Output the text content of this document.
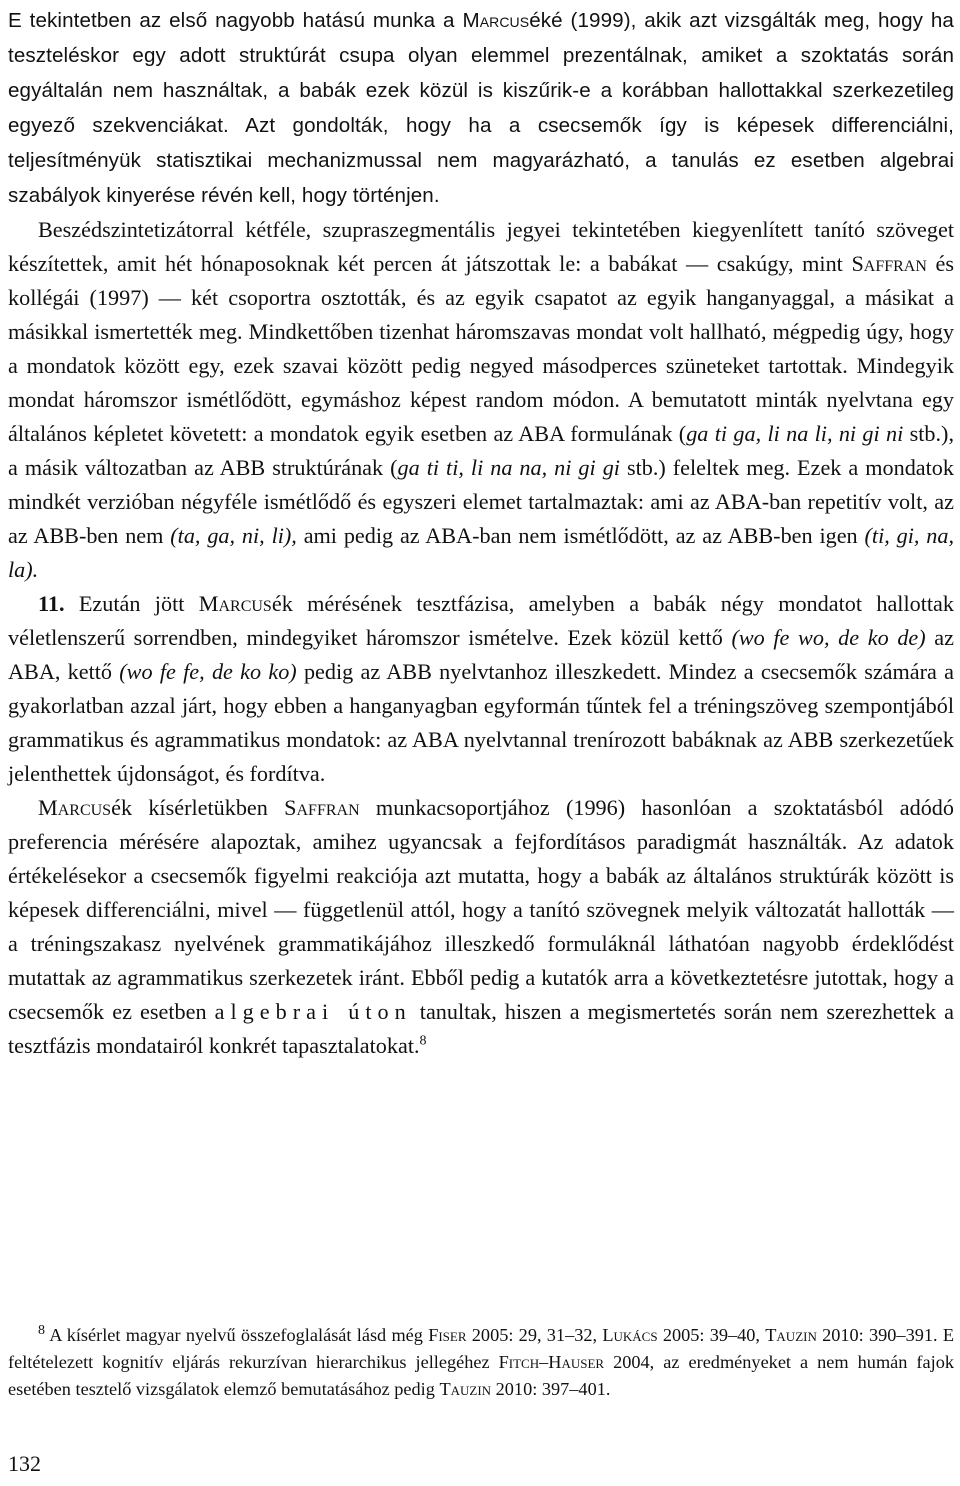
E tekintetben az első nagyobb hatású munka a Marcuséké (1999), akik azt vizsgálták meg, hogy ha teszteléskor egy adott struktúrát csupa olyan elemmel prezentálnak, amiket a szoktatás során egyáltalán nem használtak, a babák ezek közül is kiszűrik-e a korábban hallottakkal szerkezetileg egyező szekvenciákat. Azt gondolták, hogy ha a csecsemők így is képesek differenciálni, teljesítményük statisztikai mechanizmussal nem magyarázható, a tanulás ez esetben algebrai szabályok kinyerése révén kell, hogy történjen.

Beszédszintetizátorral kétféle, szupraszegmentális jegyei tekintetében kiegyenlített tanító szöveget készítettek, amit hét hónaposoknak két percen át játszottak le: a babákat — csakúgy, mint Saffran és kollégái (1997) — két csoportra osztották, és az egyik csapatot az egyik hanganyaggal, a másikat a másikkal ismertették meg. Mindkettőben tizenhat háromszavas mondat volt hallható, mégpedig úgy, hogy a mondatok között egy, ezek szavai között pedig negyed másodperces szüneteket tartottak. Mindegyik mondat háromszor ismétlődött, egymáshoz képest random módon. A bemutatott minták nyelvtana egy általános képletet követett: a mondatok egyik esetben az ABA formulának (ga ti ga, li na li, ni gi ni stb.), a másik változatban az ABB struktúrának (ga ti ti, li na na, ni gi gi stb.) feleltek meg. Ezek a mondatok mindkét verzióban négyféle ismétlődő és egyszeri elemet tartalmaztak: ami az ABA-ban repetitív volt, az az ABB-ben nem (ta, ga, ni, li), ami pedig az ABA-ban nem ismétlődött, az az ABB-ben igen (ti, gi, na, la).

11. Ezután jött Marcusék mérésének tesztfázisa, amelyben a babák négy mondatot hallottak véletlenszerű sorrendben, mindegyiket háromszor ismételve. Ezek közül kettő (wo fe wo, de ko de) az ABA, kettő (wo fe fe, de ko ko) pedig az ABB nyelvtanhoz illeszkedett. Mindez a csecsemők számára a gyakorlatban azzal járt, hogy ebben a hanganyagban egyformán tűntek fel a tréningszöveg szempontjából grammatikus és agrammatikus mondatok: az ABA nyelvtannal trenírozott babáknak az ABB szerkezetűek jelenthettek újdonságot, és fordítva.

Marcusék kísérletükben Saffran munkacsoportjához (1996) hasonlóan a szoktatásból adódó preferencia mérésére alapoztak, amihez ugyancsak a fejfordításos paradigmát használták. Az adatok értékelésekor a csecsemők figyelmi reakciója azt mutatta, hogy a babák az általános struktúrák között is képesek differenciálni, mivel — függetlenül attól, hogy a tanító szövegnek melyik változatát hallották — a tréningszakasz nyelvének grammatikájához illeszkedő formuláknál láthatóan nagyobb érdeklődést mutattak az agrammatikus szerkezetek iránt. Ebből pedig a kutatók arra a következtetésre jutottak, hogy a csecsemők ez esetben algebrai úton tanultak, hiszen a megismertetés során nem szerezhettek a tesztfázis mondatairól konkrét tapasztalatokat.$^8$

$^8$ A kísérlet magyar nyelvű összefoglalását lásd még Fiser 2005: 29, 31–32, Lukács 2005: 39–40, Tauzin 2010: 390–391. E feltételezett kognitív eljárás rekurzívan hierarchikus jellegéhez Fitch–Hauser 2004, az eredményeket a nem humán fajok esetében tesztelő vizsgálatok elemző bemutatásához pedig Tauzin 2010: 397–401.

132
